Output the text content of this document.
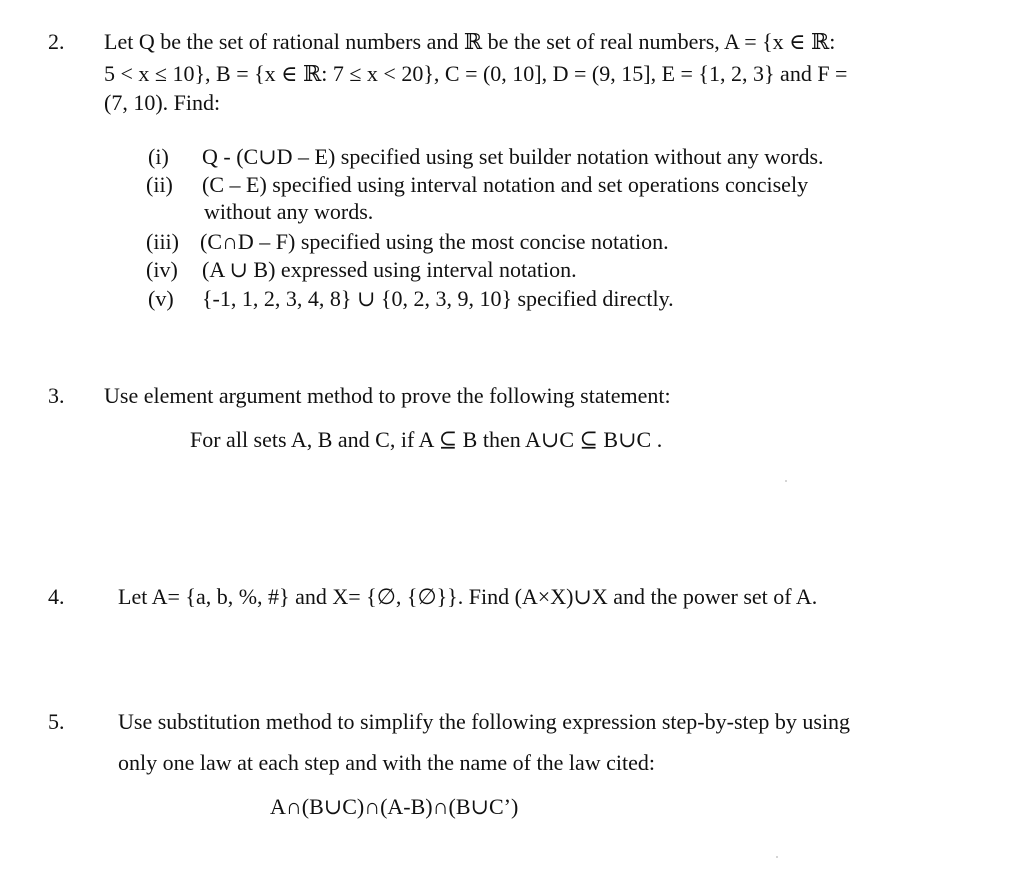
2. Let Q be the set of rational numbers and ℝ be the set of real numbers, A = {x ∈ ℝ:
5 < x ≤ 10}, B = {x ∈ ℝ: 7 ≤ x < 20}, C = (0, 10], D = (9, 15], E = {1, 2, 3} and F =
(7, 10). Find:
(i) Q - (C∪D – E) specified using set builder notation without any words.
(ii) (C – E) specified using interval notation and set operations concisely
without any words.
(iii) (C∩D – F) specified using the most concise notation.
(iv) (A ∪ B) expressed using interval notation.
(v) {-1, 1, 2, 3, 4, 8} ∪ {0, 2, 3, 9, 10} specified directly.
3. Use element argument method to prove the following statement:
For all sets A, B and C, if A ⊆ B then A∪C ⊆ B∪C .
4. Let A= {a, b, %, #} and X= {∅, {∅}}. Find (A×X)∪X and the power set of A.
5. Use substitution method to simplify the following expression step-by-step by using
only one law at each step and with the name of the law cited:
A∩(B∪C)∩(A-B)∩(B∪C’)
